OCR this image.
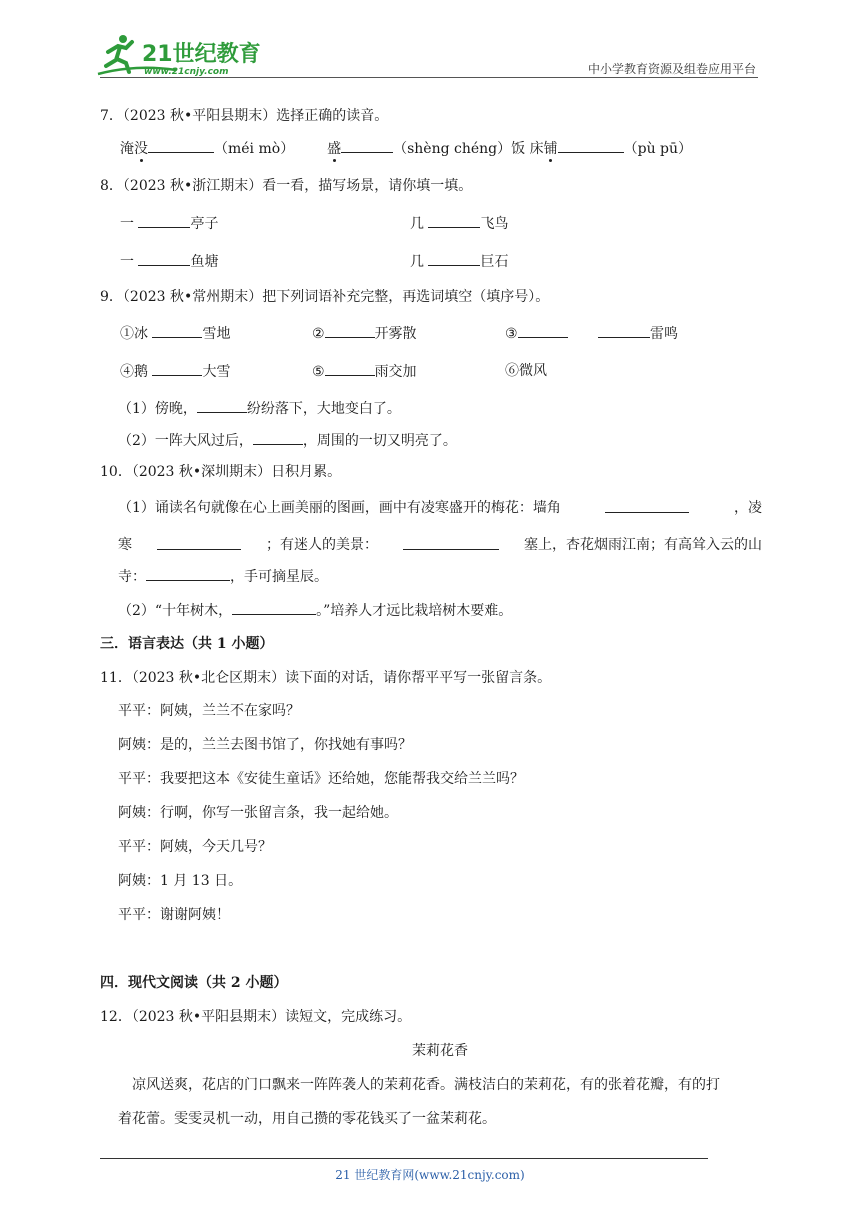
21世纪教育
www.21cnjy.com	中小学教育资源及组卷应用平台
7．（2023 秋•平阳县期末）选择正确的读音。
淹没	（méi mò） 盛	（shèng chéng）饭 床铺	（pù pū）
8．（2023 秋•浙江期末）看一看，描写场景，请你填一填。
一	亭子	几	飞鸟
一	鱼塘	几	巨石
9．（2023 秋•常州期末）把下列词语补充完整，再选词填空（填序号）。
①冰	雪地	②	开雾散	③	雷鸣
④鹅	大雪	⑤	雨交加	⑥微风
（1）傍晚，	纷纷落下，大地变白了。
（2）一阵大风过后，	，周围的一切又明亮了。
10．（2023 秋•深圳期末）日积月累。
（1）诵读名句就像在心上画美丽的图画，画中有凌寒盛开的梅花：墙角	，凌
寒	；有迷人的美景：	塞上，杏花烟雨江南；有高耸入云的山
寺：	，手可摘星辰。
（2）“十年树木，	。”培养人才远比栽培树木要难。
三．语言表达（共 1 小题）
11．（2023 秋•北仑区期末）读下面的对话，请你帮平平写一张留言条。
平平：阿姨，兰兰不在家吗？
阿姨：是的，兰兰去图书馆了，你找她有事吗？
平平：我要把这本《安徒生童话》还给她，您能帮我交给兰兰吗？
阿姨：行啊，你写一张留言条，我一起给她。
平平：阿姨，今天几号？
阿姨：1 月 13 日。
平平：谢谢阿姨！
四．现代文阅读（共 2 小题）
12．（2023 秋•平阳县期末）读短文，完成练习。
茉莉花香
凉风送爽，花店的门口飘来一阵阵袭人的茉莉花香。满枝洁白的茉莉花，有的张着花瓣，有的打
着花蕾。雯雯灵机一动，用自己攒的零花钱买了一盆茉莉花。
21 世纪教育网(www.21cnjy.com)
